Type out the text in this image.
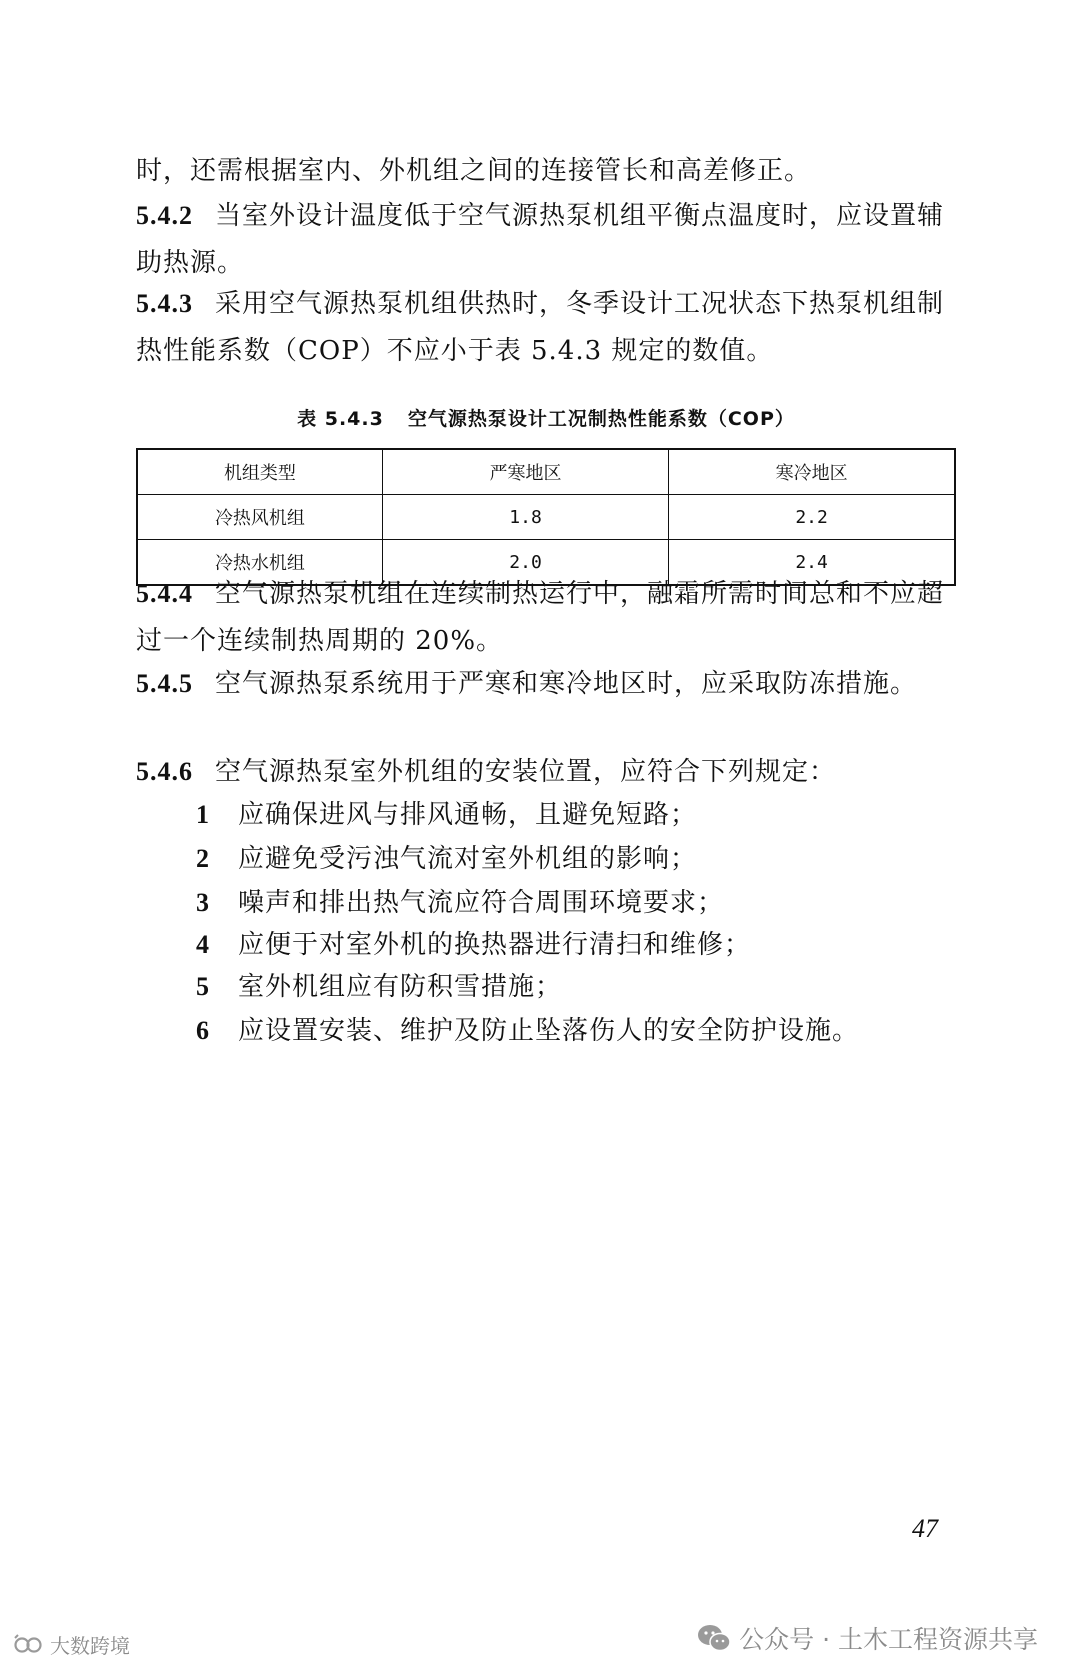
时，还需根据室内、外机组之间的连接管长和高差修正。

5.4.2 当室外设计温度低于空气源热泵机组平衡点温度时，应设置辅助热源。

5.4.3 采用空气源热泵机组供热时，冬季设计工况状态下热泵机组制热性能系数（COP）不应小于表 5.4.3 规定的数值。

表 5.4.3 空气源热泵设计工况制热性能系数（COP）
机组类型	严寒地区	寒冷地区
冷热风机组	1.8	2.2
冷热水机组	2.0	2.4

5.4.4 空气源热泵机组在连续制热运行中，融霜所需时间总和不应超过一个连续制热周期的 20%。

5.4.5 空气源热泵系统用于严寒和寒冷地区时，应采取防冻措施。

5.4.6 空气源热泵室外机组的安装位置，应符合下列规定：

1 应确保进风与排风通畅，且避免短路；
2 应避免受污浊气流对室外机组的影响；
3 噪声和排出热气流应符合周围环境要求；
4 应便于对室外机的换热器进行清扫和维修；
5 室外机组应有防积雪措施；
6 应设置安装、维护及防止坠落伤人的安全防护设施。
47
公众号 · 土木工程资源共享
大数跨境
